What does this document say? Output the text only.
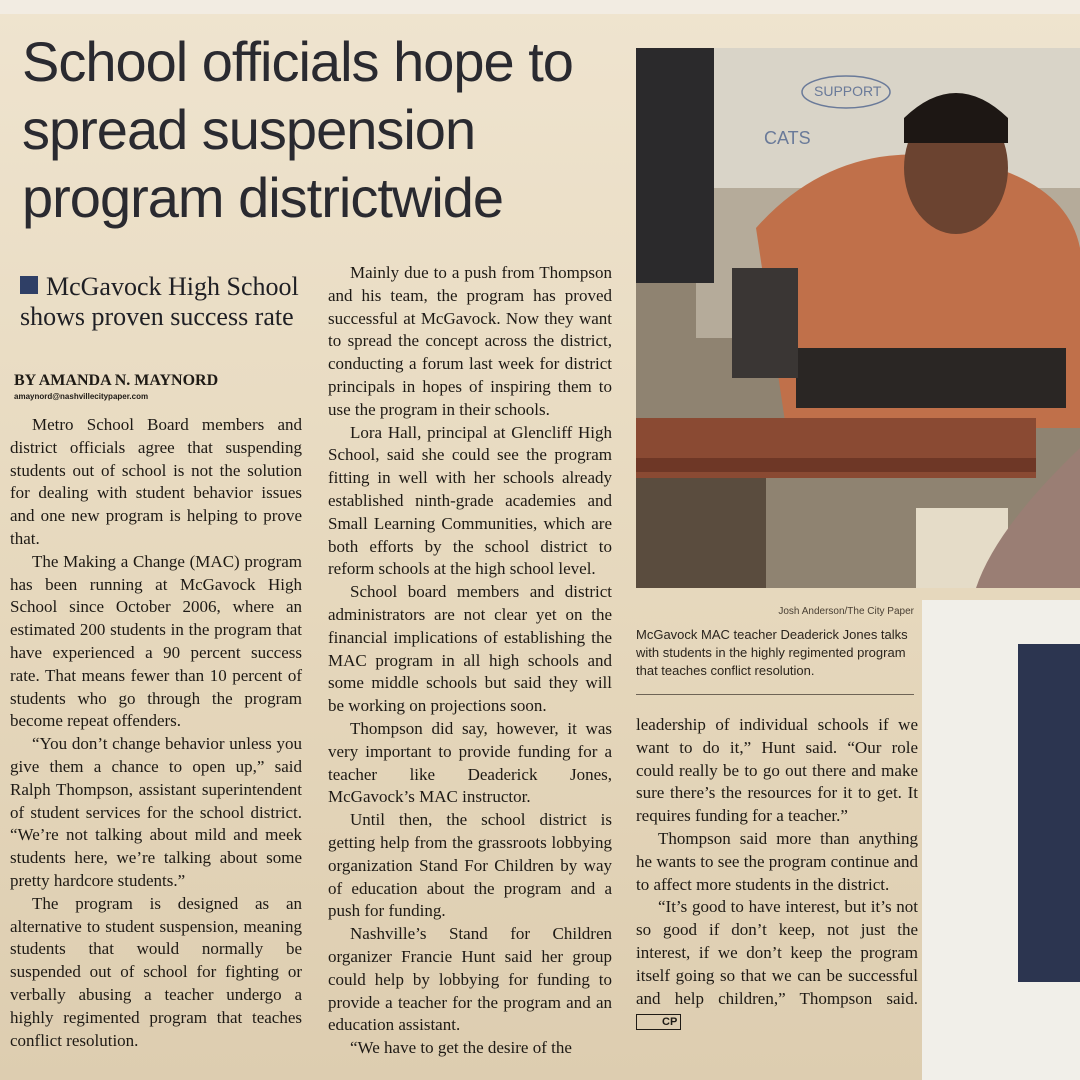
School officials hope to spread suspension program districtwide
McGavock High School shows proven success rate
BY AMANDA N. MAYNORD
amaynord@nashvillecitypaper.com

Metro School Board members and district officials agree that suspending students out of school is not the solution for dealing with student behavior issues and one new program is helping to prove that.

The Making a Change (MAC) program has been running at McGavock High School since October 2006, where an estimated 200 students in the program that have experienced a 90 percent success rate. That means fewer than 10 percent of students who go through the program become repeat offenders.

“You don’t change behavior unless you give them a chance to open up,” said Ralph Thompson, assistant superintendent of student services for the school district. “We’re not talking about mild and meek students here, we’re talking about some pretty hardcore students.”

The program is designed as an alternative to student suspension, meaning students that would normally be suspended out of school for fighting or verbally abusing a teacher undergo a highly regimented program that teaches conflict resolution.

Mainly due to a push from Thompson and his team, the program has proved successful at McGavock. Now they want to spread the concept across the district, conducting a forum last week for district principals in hopes of inspiring them to use the program in their schools.

Lora Hall, principal at Glencliff High School, said she could see the program fitting in well with her schools already established ninth-grade academies and Small Learning Communities, which are both efforts by the school district to reform schools at the high school level.

School board members and district administrators are not clear yet on the financial implications of establishing the MAC program in all high schools and some middle schools but said they will be working on projections soon.

Thompson did say, however, it was very important to provide funding for a teacher like Deaderick Jones, McGavock’s MAC instructor.

Until then, the school district is getting help from the grassroots lobbying organization Stand For Children by way of education about the program and a push for funding.

Nashville’s Stand for Children organizer Francie Hunt said her group could help by lobbying for funding to provide a teacher for the program and an education assistant.

“We have to get the desire of the

SUPPORT
CATS
Josh Anderson/The City Paper
McGavock MAC teacher Deaderick Jones talks with students in the highly regimented program that teaches conflict resolution.

leadership of individual schools if we want to do it,” Hunt said. “Our role could really be to go out there and make sure there’s the resources for it to get. It requires funding for a teacher.”

Thompson said more than anything he wants to see the program continue and to affect more students in the district.

“It’s good to have interest, but it’s not so good if don’t keep, not just the interest, if we don’t keep the program itself going so that we can be successful and help children,” Thompson said. CP
